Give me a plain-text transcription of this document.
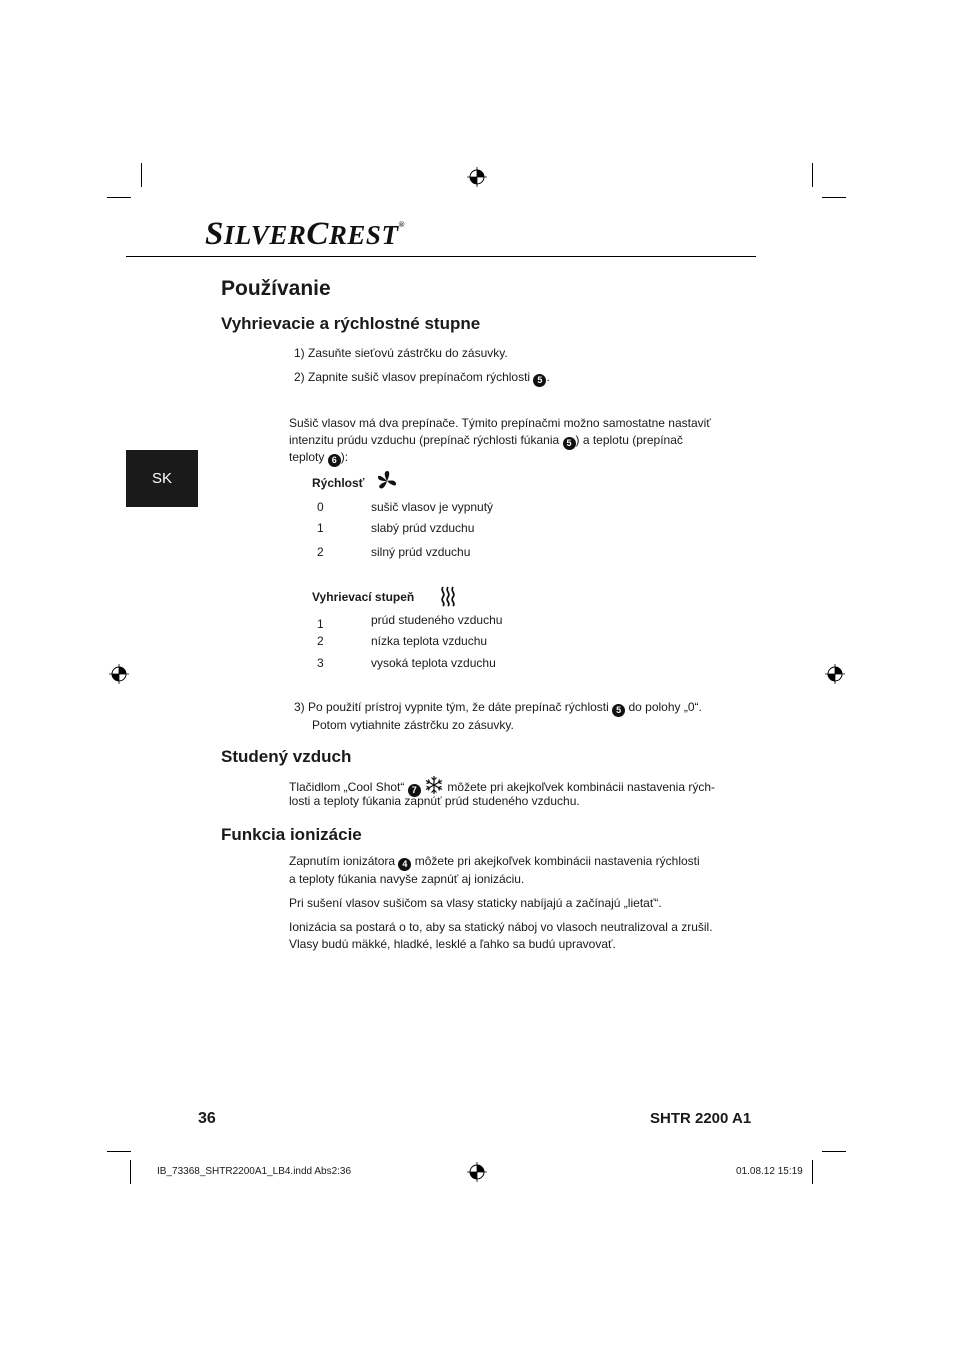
SILVERCREST®
SK
Používanie
Vyhrievacie a rýchlostné stupne
1) Zasuňte sieťovú zástrčku do zásuvky.
2) Zapnite sušič vlasov prepínačom rýchlosti 5 .
Sušič vlasov má dva prepínače. Týmito prepínačmi možno samostatne nastaviť
intenzitu prúdu vzduchu (prepínač rýchlosti fúkania 5 ) a teplotu (prepínač
teploty 6 ):
Rýchlosť
0	sušič vlasov je vypnutý
1	slabý prúd vzduchu
2	silný prúd vzduchu
Vyhrievací stupeň
1	prúd studeného vzduchu
2	nízka teplota vzduchu
3	vysoká teplota vzduchu
3) Po použití prístroj vypnite tým, že dáte prepínač rýchlosti 5 do polohy „0“.
Potom vytiahnite zástrčku zo zásuvky.
Studený vzduch
Tlačidlom „Cool Shot“ 7  môžete pri akejkoľvek kombinácii nastavenia rých-
losti a teploty fúkania zapnúť prúd studeného vzduchu.
Funkcia ionizácie
Zapnutím ionizátora 4 môžete pri akejkoľvek kombinácii nastavenia rýchlosti
a teploty fúkania navyše zapnúť aj ionizáciu.
Pri sušení vlasov sušičom sa vlasy staticky nabíjajú a začínajú „lietať“.
Ionizácia sa postará o to, aby sa statický náboj vo vlasoch neutralizoval a zrušil.
Vlasy budú mäkké, hladké, lesklé a ľahko sa budú upravovať.
36	SHTR 2200 A1
IB_73368_SHTR2200A1_LB4.indd Abs2:36	01.08.12 15:19
